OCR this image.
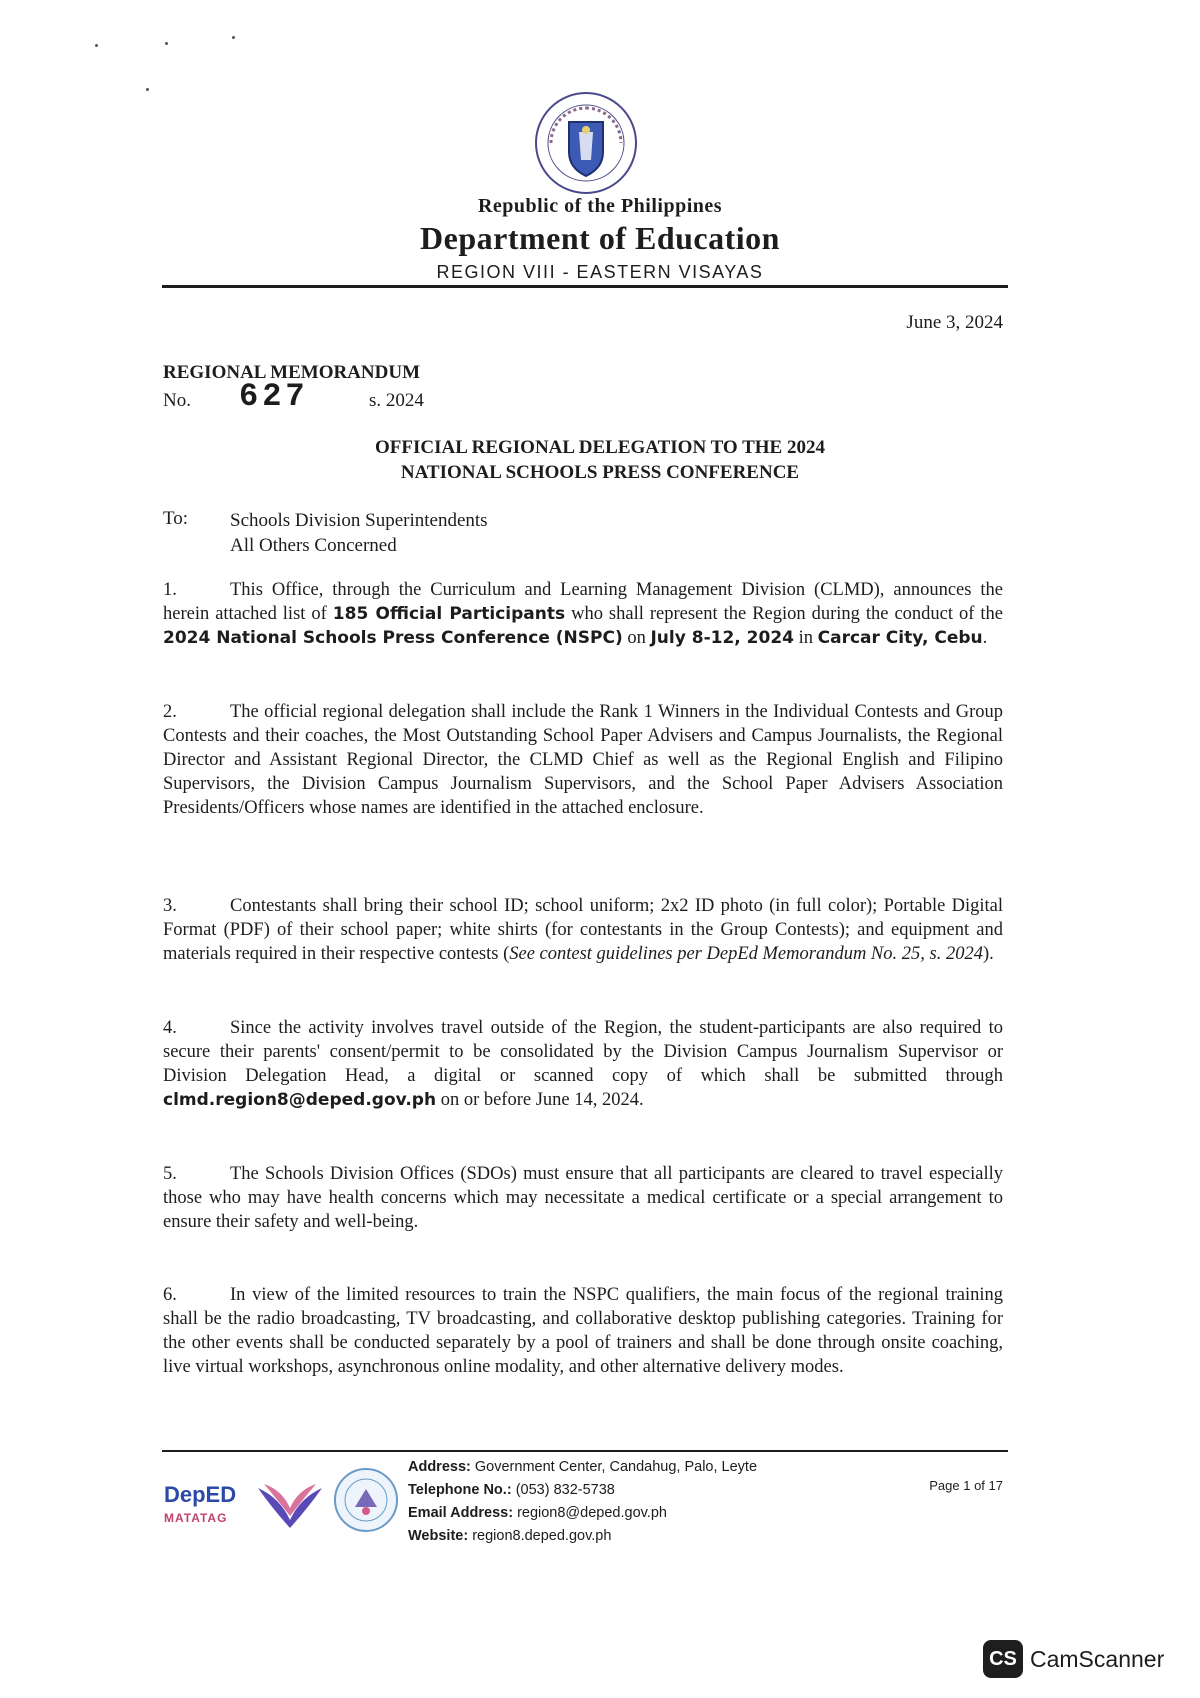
Republic of the Philippines
Department of Education
REGION VIII - EASTERN VISAYAS
June 3, 2024
REGIONAL MEMORANDUM
No. 627	s. 2024
OFFICIAL REGIONAL DELEGATION TO THE 2024
NATIONAL SCHOOLS PRESS CONFERENCE
To: Schools Division Superintendents
All Others Concerned
1.	This Office, through the Curriculum and Learning Management Division (CLMD), announces the herein attached list of 185 Official Participants who shall represent the Region during the conduct of the 2024 National Schools Press Conference (NSPC) on July 8-12, 2024 in Carcar City, Cebu.
2.	The official regional delegation shall include the Rank 1 Winners in the Individual Contests and Group Contests and their coaches, the Most Outstanding School Paper Advisers and Campus Journalists, the Regional Director and Assistant Regional Director, the CLMD Chief as well as the Regional English and Filipino Supervisors, the Division Campus Journalism Supervisors, and the School Paper Advisers Association Presidents/Officers whose names are identified in the attached enclosure.
3.	Contestants shall bring their school ID; school uniform; 2x2 ID photo (in full color); Portable Digital Format (PDF) of their school paper; white shirts (for contestants in the Group Contests); and equipment and materials required in their respective contests (See contest guidelines per DepEd Memorandum No. 25, s. 2024).
4.	Since the activity involves travel outside of the Region, the student-participants are also required to secure their parents' consent/permit to be consolidated by the Division Campus Journalism Supervisor or Division Delegation Head, a digital or scanned copy of which shall be submitted through clmd.region8@deped.gov.ph on or before June 14, 2024.
5.	The Schools Division Offices (SDOs) must ensure that all participants are cleared to travel especially those who may have health concerns which may necessitate a medical certificate or a special arrangement to ensure their safety and well-being.
6.	In view of the limited resources to train the NSPC qualifiers, the main focus of the regional training shall be the radio broadcasting, TV broadcasting, and collaborative desktop publishing categories. Training for the other events shall be conducted separately by a pool of trainers and shall be done through onsite coaching, live virtual workshops, asynchronous online modality, and other alternative delivery modes.
DepED
MATATAG
Address: Government Center, Candahug, Palo, Leyte
Telephone No.: (053) 832-5738
Email Address: region8@deped.gov.ph
Website: region8.deped.gov.ph
Page 1 of 17
CS CamScanner
